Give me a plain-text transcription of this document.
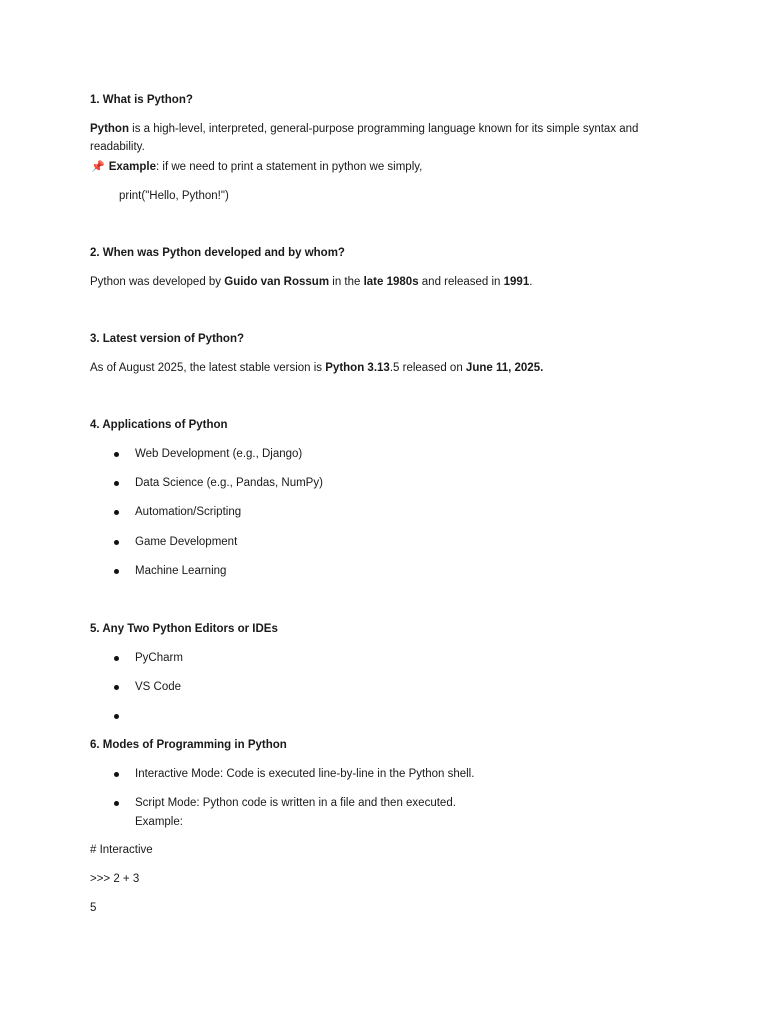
1. What is Python?
Python is a high-level, interpreted, general-purpose programming language known for its simple syntax and
readability.
📌 Example: if we need to print a statement in python we simply,
print("Hello, Python!")
2. When was Python developed and by whom?
Python was developed by Guido van Rossum in the late 1980s and released in 1991.
3. Latest version of Python?
As of August 2025, the latest stable version is Python 3.13.5 released on June 11, 2025.
4. Applications of Python
Web Development (e.g., Django)
Data Science (e.g., Pandas, NumPy)
Automation/Scripting
Game Development
Machine Learning
5. Any Two Python Editors or IDEs
PyCharm
VS Code
6. Modes of Programming in Python
Interactive Mode: Code is executed line-by-line in the Python shell.
Script Mode: Python code is written in a file and then executed.
Example:
# Interactive
>>> 2 + 3
5
